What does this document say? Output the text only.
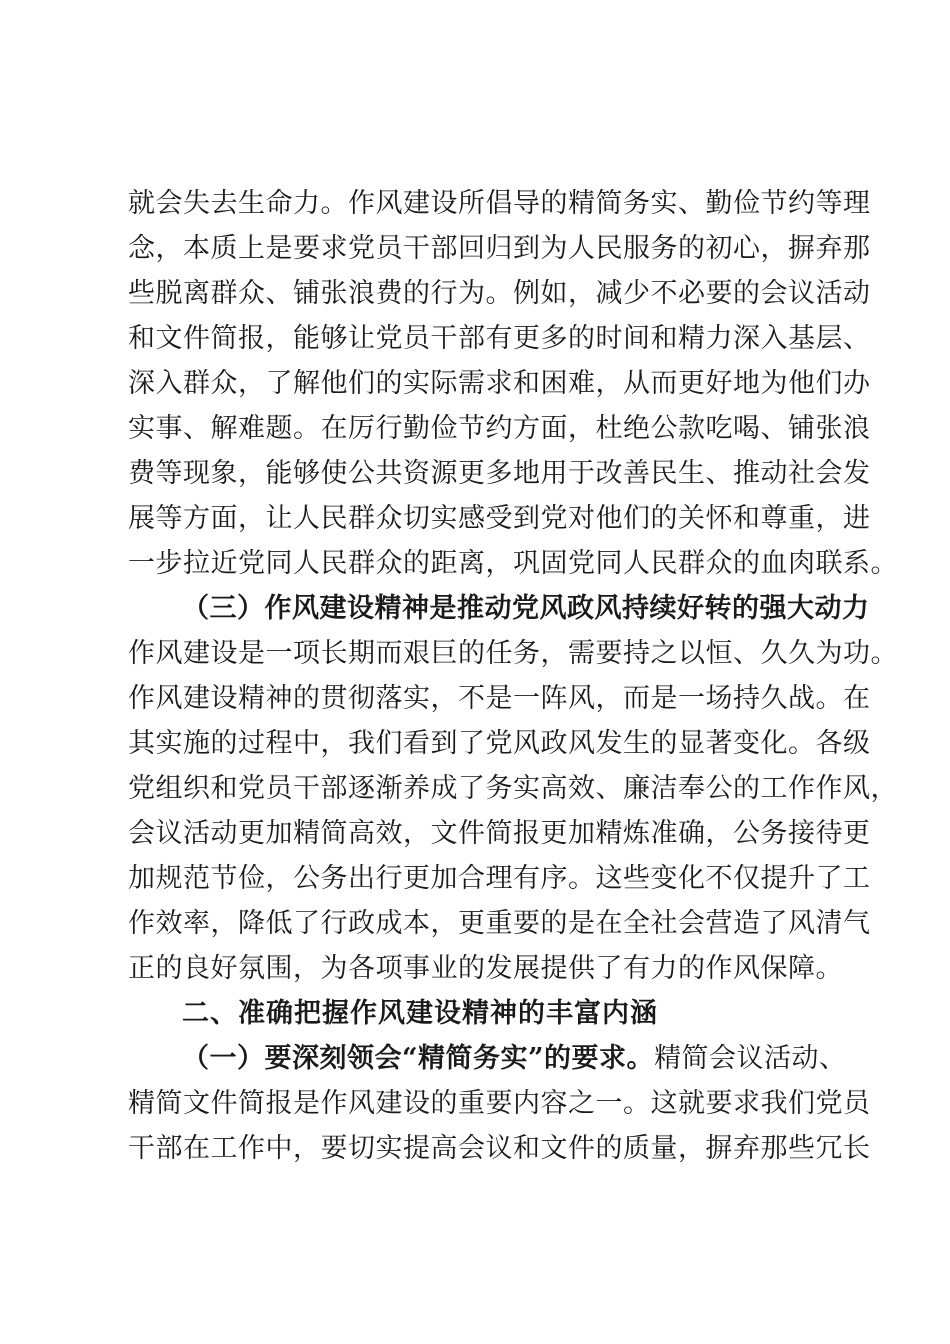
就会失去生命力。作风建设所倡导的精简务实、勤俭节约等理
念，本质上是要求党员干部回归到为人民服务的初心，摒弃那
些脱离群众、铺张浪费的行为。例如，减少不必要的会议活动
和文件简报，能够让党员干部有更多的时间和精力深入基层、
深入群众，了解他们的实际需求和困难，从而更好地为他们办
实事、解难题。在厉行勤俭节约方面，杜绝公款吃喝、铺张浪
费等现象，能够使公共资源更多地用于改善民生、推动社会发
展等方面，让人民群众切实感受到党对他们的关怀和尊重，进
一步拉近党同人民群众的距离，巩固党同人民群众的血肉联系。
（三）作风建设精神是推动党风政风持续好转的强大动力
作风建设是一项长期而艰巨的任务，需要持之以恒、久久为功。
作风建设精神的贯彻落实，不是一阵风，而是一场持久战。在
其实施的过程中，我们看到了党风政风发生的显著变化。各级
党组织和党员干部逐渐养成了务实高效、廉洁奉公的工作作风，
会议活动更加精简高效，文件简报更加精炼准确，公务接待更
加规范节俭，公务出行更加合理有序。这些变化不仅提升了工
作效率，降低了行政成本，更重要的是在全社会营造了风清气
正的良好氛围，为各项事业的发展提供了有力的作风保障。
二、准确把握作风建设精神的丰富内涵
（一）要深刻领会“精简务实”的要求。精简会议活动、
精简文件简报是作风建设的重要内容之一。这就要求我们党员
干部在工作中，要切实提高会议和文件的质量，摒弃那些冗长
